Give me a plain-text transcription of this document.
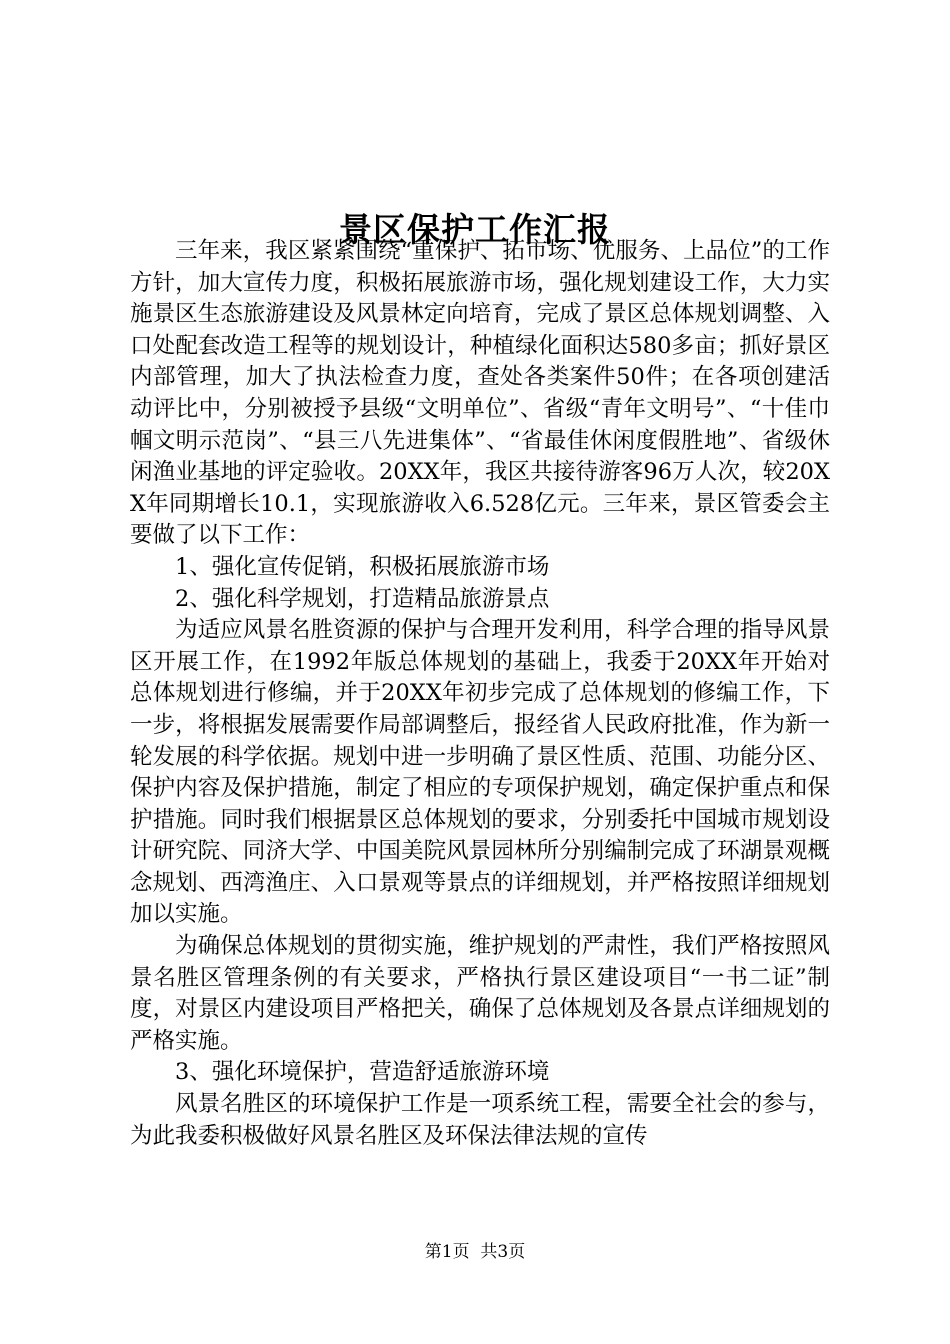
景区保护工作汇报

三年来，我区紧紧围绕“重保护、拓市场、优服务、上品位”的工作方针，加大宣传力度，积极拓展旅游市场，强化规划建设工作，大力实施景区生态旅游建设及风景林定向培育，完成了景区总体规划调整、入口处配套改造工程等的规划设计，种植绿化面积达580多亩；抓好景区内部管理，加大了执法检查力度，查处各类案件50件；在各项创建活动评比中，分别被授予县级“文明单位”、省级“青年文明号”、“十佳巾帼文明示范岗”、“县三八先进集体”、“省最佳休闲度假胜地”、省级休闲渔业基地的评定验收。20XX年，我区共接待游客96万人次，较20XX年同期增长10.1，实现旅游收入6.528亿元。三年来，景区管委会主要做了以下工作：

1、强化宣传促销，积极拓展旅游市场

2、强化科学规划，打造精品旅游景点

为适应风景名胜资源的保护与合理开发利用，科学合理的指导风景区开展工作，在1992年版总体规划的基础上，我委于20XX年开始对总体规划进行修编，并于20XX年初步完成了总体规划的修编工作，下一步，将根据发展需要作局部调整后，报经省人民政府批准，作为新一轮发展的科学依据。规划中进一步明确了景区性质、范围、功能分区、保护内容及保护措施，制定了相应的专项保护规划，确定保护重点和保护措施。同时我们根据景区总体规划的要求，分别委托中国城市规划设计研究院、同济大学、中国美院风景园林所分别编制完成了环湖景观概念规划、西湾渔庄、入口景观等景点的详细规划，并严格按照详细规划加以实施。

为确保总体规划的贯彻实施，维护规划的严肃性，我们严格按照风景名胜区管理条例的有关要求，严格执行景区建设项目“一书二证”制度，对景区内建设项目严格把关，确保了总体规划及各景点详细规划的严格实施。

3、强化环境保护，营造舒适旅游环境

风景名胜区的环境保护工作是一项系统工程，需要全社会的参与，为此我委积极做好风景名胜区及环保法律法规的宣传

第1页 共3页
